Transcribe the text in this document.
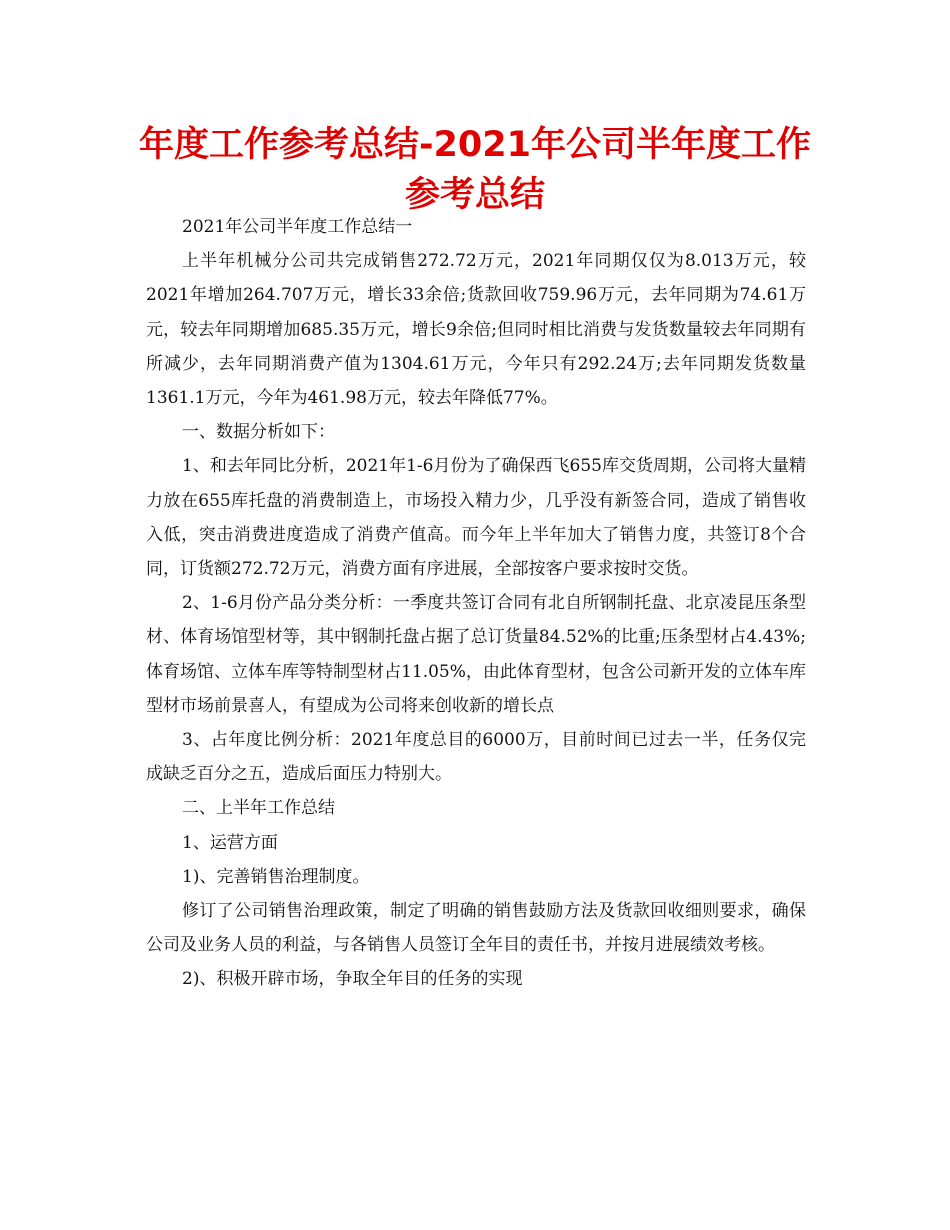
年度工作参考总结-2021年公司半年度工作参考总结

2021年公司半年度工作总结一

上半年机械分公司共完成销售272.72万元，2021年同期仅仅为8.013万元，较2021年增加264.707万元，增长33余倍;货款回收759.96万元，去年同期为74.61万元，较去年同期增加685.35万元，增长9余倍;但同时相比消费与发货数量较去年同期有所减少，去年同期消费产值为1304.61万元，今年只有292.24万;去年同期发货数量1361.1万元，今年为461.98万元，较去年降低77%。

一、数据分析如下：

1、和去年同比分析，2021年1-6月份为了确保西飞655库交货周期，公司将大量精力放在655库托盘的消费制造上，市场投入精力少，几乎没有新签合同，造成了销售收入低，突击消费进度造成了消费产值高。而今年上半年加大了销售力度，共签订8个合同，订货额272.72万元，消费方面有序进展，全部按客户要求按时交货。

2、1-6月份产品分类分析：一季度共签订合同有北自所钢制托盘、北京凌昆压条型材、体育场馆型材等，其中钢制托盘占据了总订货量84.52%的比重;压条型材占4.43%;体育场馆、立体车库等特制型材占11.05%，由此体育型材，包含公司新开发的立体车库型材市场前景喜人，有望成为公司将来创收新的增长点

3、占年度比例分析：2021年度总目的6000万，目前时间已过去一半，任务仅完成缺乏百分之五，造成后面压力特别大。

二、上半年工作总结

1、运营方面

1)、完善销售治理制度。

修订了公司销售治理政策，制定了明确的销售鼓励方法及货款回收细则要求，确保公司及业务人员的利益，与各销售人员签订全年目的责任书，并按月进展绩效考核。

2)、积极开辟市场，争取全年目的任务的实现
